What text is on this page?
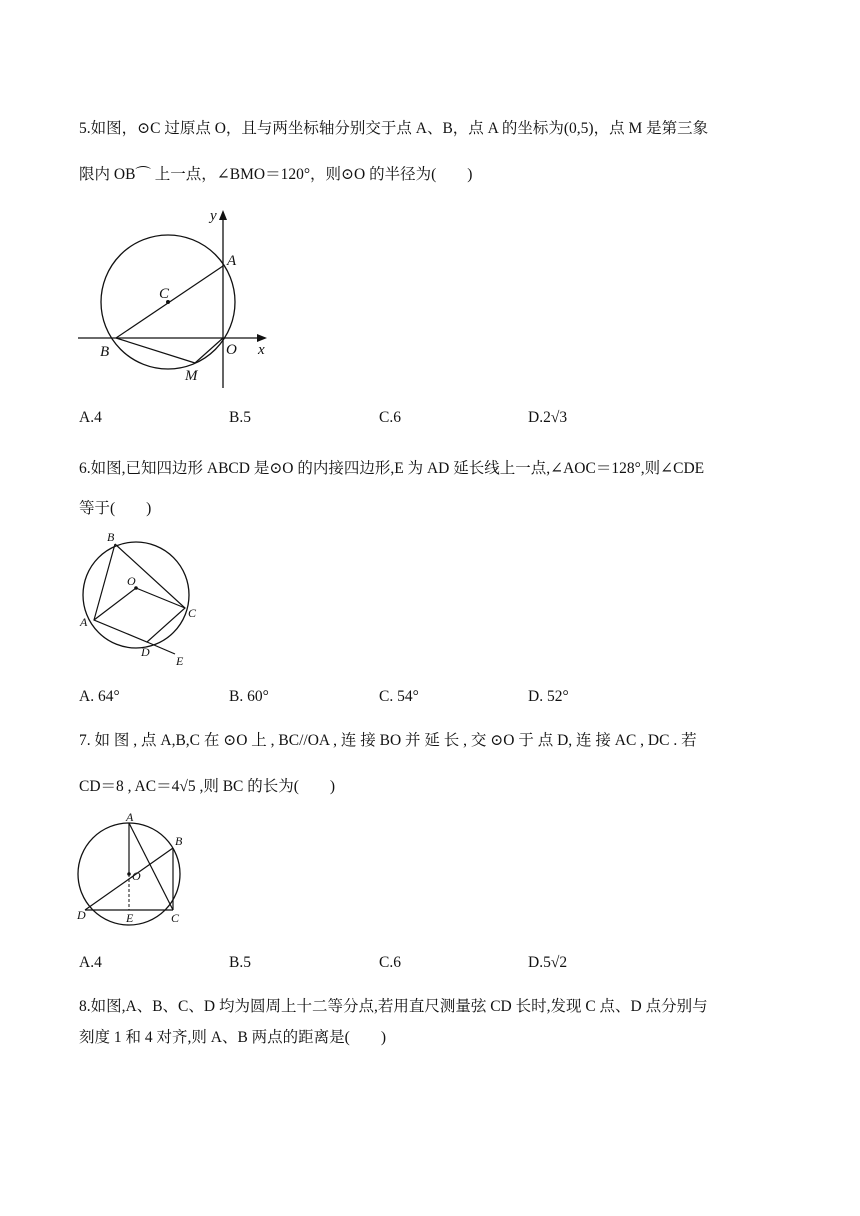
5.如图，⊙C 过原点 O，且与两坐标轴分别交于点 A、B，点 A 的坐标为(0,5)，点 M 是第三象
限内 OB⌒ 上一点，∠BMO＝120°，则⊙O 的半径为(　　)
y
A
C
B	O x
M
A.4	B.5	C.6	D.2√3
6.如图,已知四边形 ABCD 是⊙O 的内接四边形,E 为 AD 延长线上一点,∠AOC＝128°,则∠CDE
等于(　　)
B
O
C
A
D
E
A. 64°	B. 60°	C. 54°	D. 52°
7. 如 图 , 点 A,B,C 在 ⊙O 上 , BC//OA , 连 接 BO 并 延 长 , 交 ⊙O 于 点 D, 连 接 AC , DC . 若
CD＝8 , AC＝4√5 ,则 BC 的长为(　　)
A
B
O
D	E	C
A.4	B.5	C.6	D.5√2
8.如图,A、B、C、D 均为圆周上十二等分点,若用直尺测量弦 CD 长时,发现 C 点、D 点分别与
刻度 1 和 4 对齐,则 A、B 两点的距离是(　　)
